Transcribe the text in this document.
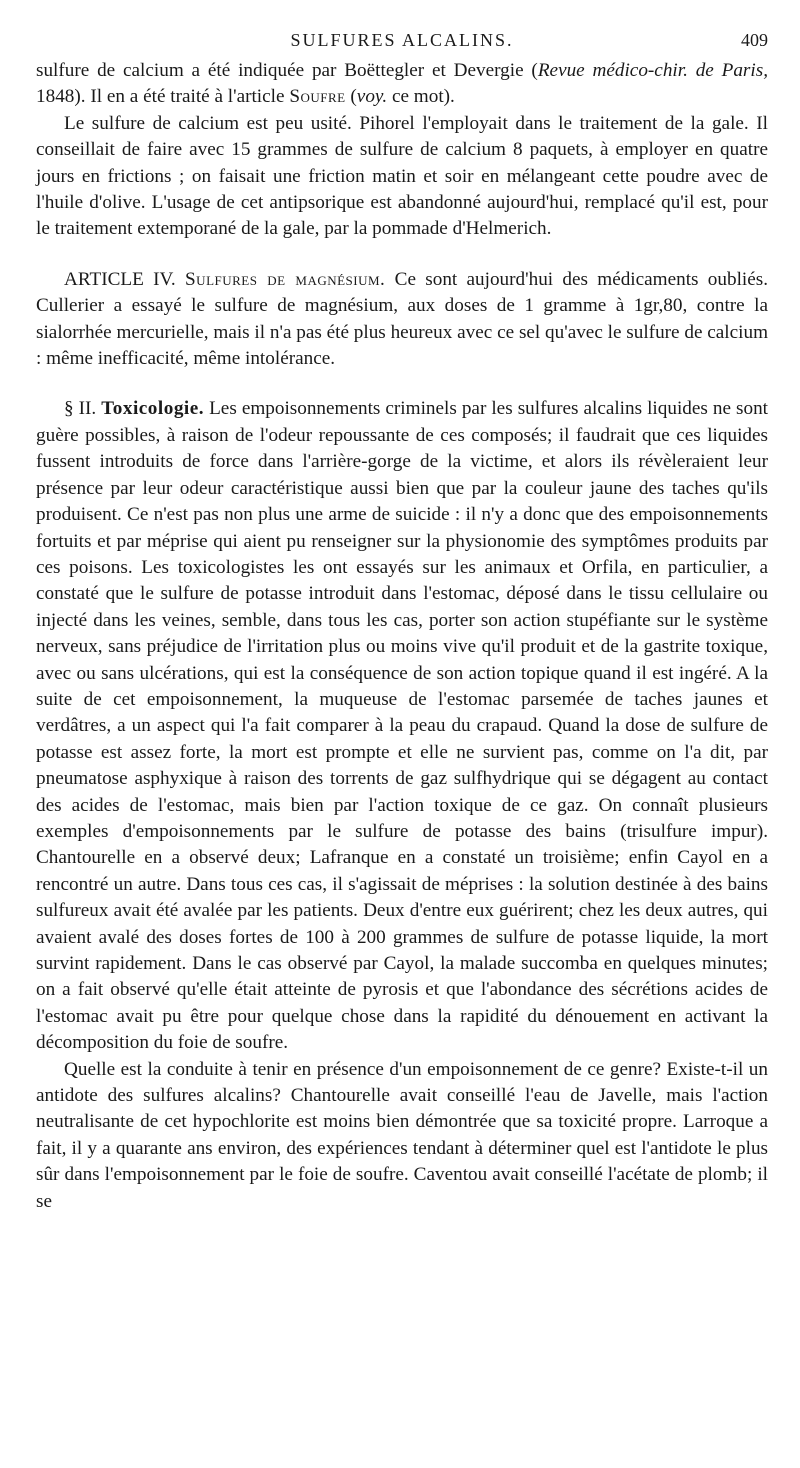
SULFURES ALCALINS.	409

sulfure de calcium a été indiquée par Boëttegler et Devergie (Revue médico-chir. de Paris, 1848). Il en a été traité à l'article Soufre (voy. ce mot).

Le sulfure de calcium est peu usité. Pihorel l'employait dans le traitement de la gale. Il conseillait de faire avec 15 grammes de sulfure de calcium 8 paquets, à employer en quatre jours en frictions ; on faisait une friction matin et soir en mélangeant cette poudre avec de l'huile d'olive. L'usage de cet antipsorique est abandonné aujourd'hui, remplacé qu'il est, pour le traitement extemporané de la gale, par la pommade d'Helmerich.

ARTICLE IV. Sulfures de magnésium. Ce sont aujourd'hui des médicaments oubliés. Cullerier a essayé le sulfure de magnésium, aux doses de 1 gramme à 1gr,80, contre la sialorrhée mercurielle, mais il n'a pas été plus heureux avec ce sel qu'avec le sulfure de calcium : même inefficacité, même intolérance.

§ II. Toxicologie. Les empoisonnements criminels par les sulfures alcalins liquides ne sont guère possibles, à raison de l'odeur repoussante de ces composés; il faudrait que ces liquides fussent introduits de force dans l'arrière-gorge de la victime, et alors ils révèleraient leur présence par leur odeur caractéristique aussi bien que par la couleur jaune des taches qu'ils produisent. Ce n'est pas non plus une arme de suicide : il n'y a donc que des empoisonnements fortuits et par méprise qui aient pu renseigner sur la physionomie des symptômes produits par ces poisons. Les toxicologistes les ont essayés sur les animaux et Orfila, en particulier, a constaté que le sulfure de potasse introduit dans l'estomac, déposé dans le tissu cellulaire ou injecté dans les veines, semble, dans tous les cas, porter son action stupéfiante sur le système nerveux, sans préjudice de l'irritation plus ou moins vive qu'il produit et de la gastrite toxique, avec ou sans ulcérations, qui est la conséquence de son action topique quand il est ingéré. A la suite de cet empoisonnement, la muqueuse de l'estomac parsemée de taches jaunes et verdâtres, a un aspect qui l'a fait comparer à la peau du crapaud. Quand la dose de sulfure de potasse est assez forte, la mort est prompte et elle ne survient pas, comme on l'a dit, par pneumatose asphyxique à raison des torrents de gaz sulfhydrique qui se dégagent au contact des acides de l'estomac, mais bien par l'action toxique de ce gaz. On connaît plusieurs exemples d'empoisonnements par le sulfure de potasse des bains (trisulfure impur). Chantourelle en a observé deux; Lafranque en a constaté un troisième; enfin Cayol en a rencontré un autre. Dans tous ces cas, il s'agissait de méprises : la solution destinée à des bains sulfureux avait été avalée par les patients. Deux d'entre eux guérirent; chez les deux autres, qui avaient avalé des doses fortes de 100 à 200 grammes de sulfure de potasse liquide, la mort survint rapidement. Dans le cas observé par Cayol, la malade succomba en quelques minutes; on a fait observé qu'elle était atteinte de pyrosis et que l'abondance des sécrétions acides de l'estomac avait pu être pour quelque chose dans la rapidité du dénouement en activant la décomposition du foie de soufre.

Quelle est la conduite à tenir en présence d'un empoisonnement de ce genre? Existe-t-il un antidote des sulfures alcalins? Chantourelle avait conseillé l'eau de Javelle, mais l'action neutralisante de cet hypochlorite est moins bien démontrée que sa toxicité propre. Larroque a fait, il y a quarante ans environ, des expériences tendant à déterminer quel est l'antidote le plus sûr dans l'empoisonnement par le foie de soufre. Caventou avait conseillé l'acétate de plomb; il se
